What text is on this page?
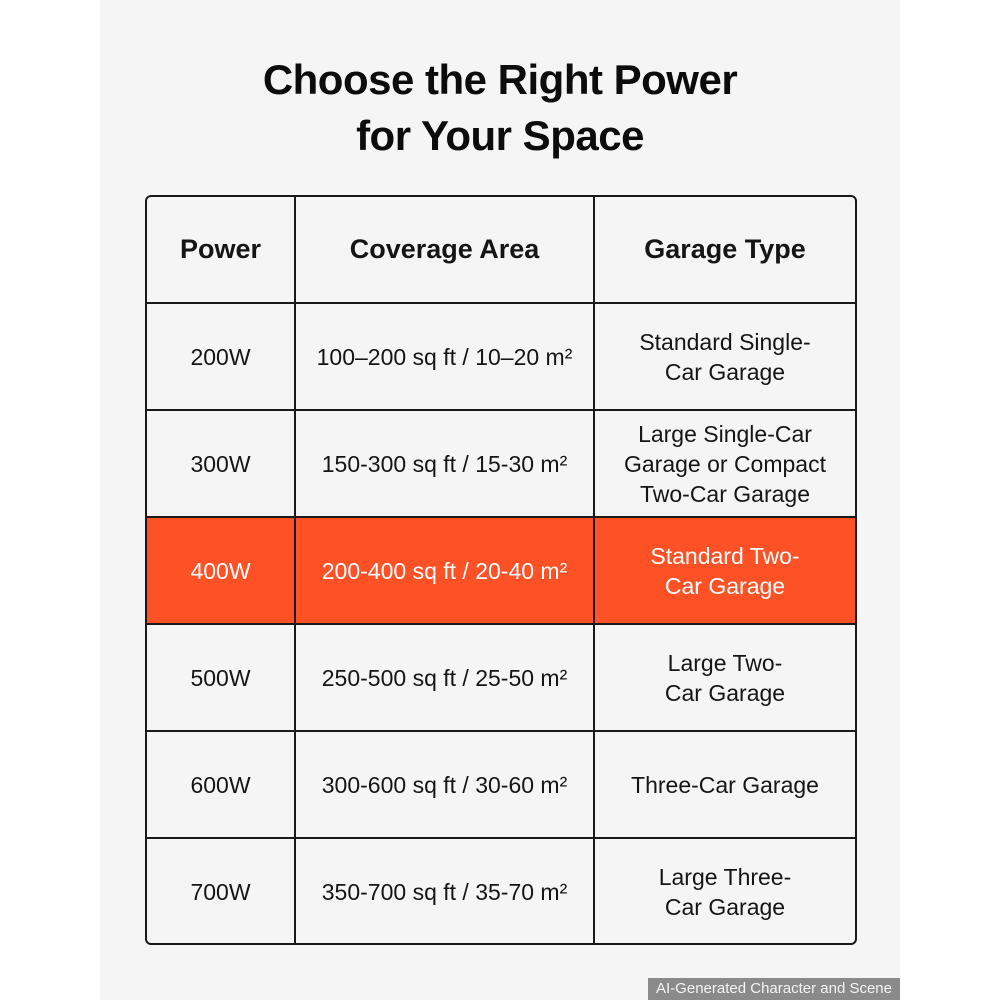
Choose the Right Power
for Your Space
Power	Coverage Area	Garage Type
200W	100–200 sq ft / 10–20 m²	Standard Single-
Car Garage

300W	150-300 sq ft / 15-30 m²	Large Single-Car
Garage or Compact
Two-Car Garage

400W	200-400 sq ft / 20-40 m²	Standard Two-
Car Garage

500W	250-500 sq ft / 25-50 m²	Large Two-
Car Garage

600W	300-600 sq ft / 30-60 m²	Three-Car Garage

700W	350-700 sq ft / 35-70 m²	Large Three-
Car Garage
AI-Generated Character and Scene
